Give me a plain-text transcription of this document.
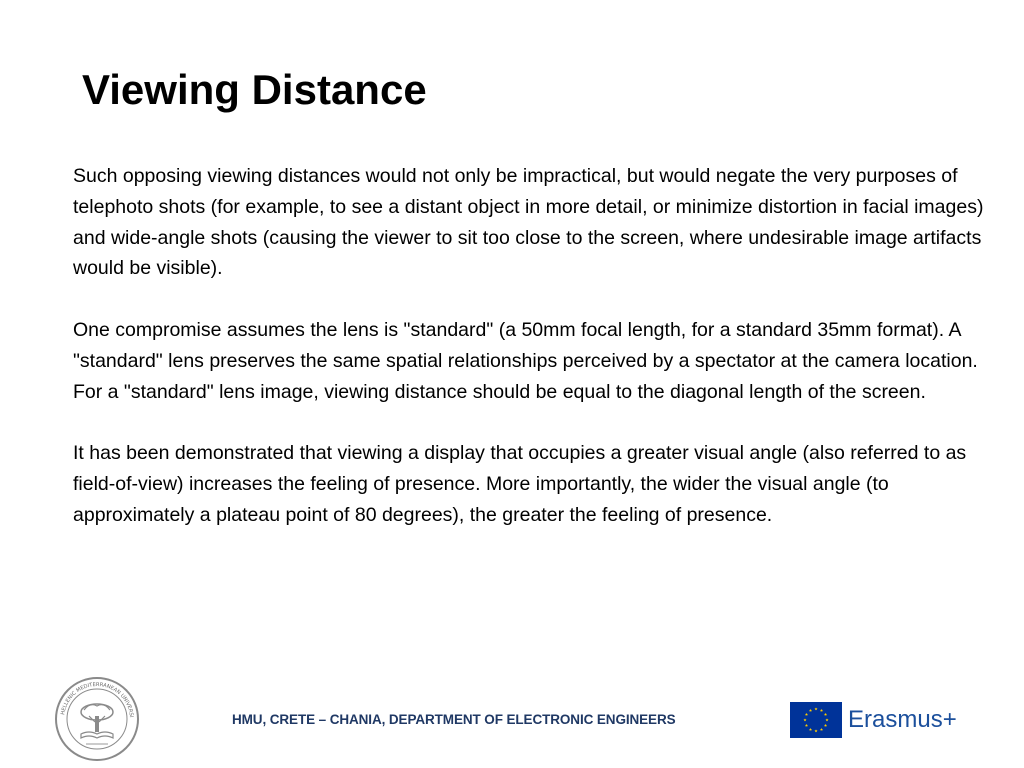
Viewing Distance

Such opposing viewing distances would not only be impractical, but would negate the very purposes of telephoto shots (for example, to see a distant object in more detail, or minimize distortion in facial images) and wide-angle shots (causing the viewer to sit too close to the screen, where undesirable image artifacts would be visible).

One compromise assumes the lens is "standard" (a 50mm focal length, for a standard 35mm format). A "standard" lens preserves the same spatial relationships perceived by a spectator at the camera location. For a "standard" lens image, viewing distance should be equal to the diagonal length of the screen.

It has been demonstrated that viewing a display that occupies a greater visual angle (also referred to as field-of-view) increases the feeling of presence. More importantly, the wider the visual angle (to approximately a plateau point of 80 degrees), the greater the feeling of presence.

HELLENIC MEDITERRANEAN UNIVERSI	HMU, CRETE – CHANIA, DEPARTMENT OF ELECTRONIC ENGINEERS	Erasmus+
